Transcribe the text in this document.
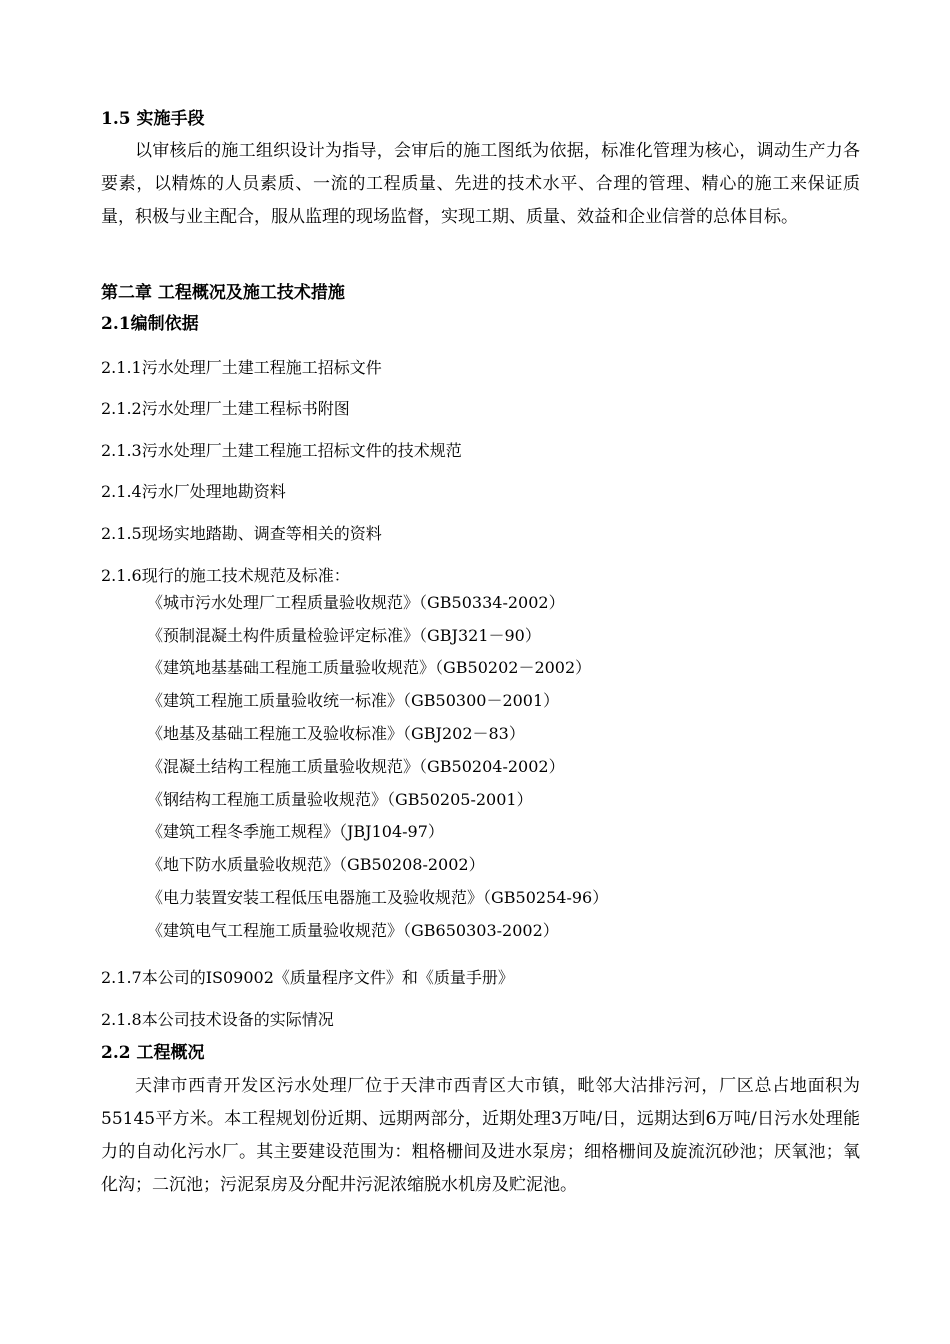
1.5 实施手段
以审核后的施工组织设计为指导，会审后的施工图纸为依据，标准化管理为核心，调动生产力各要素，以精炼的人员素质、一流的工程质量、先进的技术水平、合理的管理、精心的施工来保证质量，积极与业主配合，服从监理的现场监督，实现工期、质量、效益和企业信誉的总体目标。
第二章 工程概况及施工技术措施
2.1编制依据
2.1.1污水处理厂土建工程施工招标文件
2.1.2污水处理厂土建工程标书附图
2.1.3污水处理厂土建工程施工招标文件的技术规范
2.1.4污水厂处理地勘资料
2.1.5现场实地踏勘、调查等相关的资料
2.1.6现行的施工技术规范及标准：
《城市污水处理厂工程质量验收规范》（GB50334-2002）
《预制混凝土构件质量检验评定标准》（GBJ321－90）
《建筑地基基础工程施工质量验收规范》（GB50202－2002）
《建筑工程施工质量验收统一标准》（GB50300－2001）
《地基及基础工程施工及验收标准》（GBJ202－83）
《混凝土结构工程施工质量验收规范》（GB50204-2002）
《钢结构工程施工质量验收规范》（GB50205-2001）
《建筑工程冬季施工规程》（JBJ104-97）
《地下防水质量验收规范》（GB50208-2002）
《电力装置安装工程低压电器施工及验收规范》（GB50254-96）
《建筑电气工程施工质量验收规范》（GB650303-2002）
2.1.7本公司的IS09002《质量程序文件》和《质量手册》
2.1.8本公司技术设备的实际情况
2.2 工程概况
天津市西青开发区污水处理厂位于天津市西青区大市镇，毗邻大沽排污河，厂区总占地面积为55145平方米。本工程规划份近期、远期两部分，近期处理3万吨/日，远期达到6万吨/日污水处理能力的自动化污水厂。其主要建设范围为：粗格栅间及进水泵房；细格栅间及旋流沉砂池；厌氧池；氧化沟；二沉池；污泥泵房及分配井污泥浓缩脱水机房及贮泥池。
